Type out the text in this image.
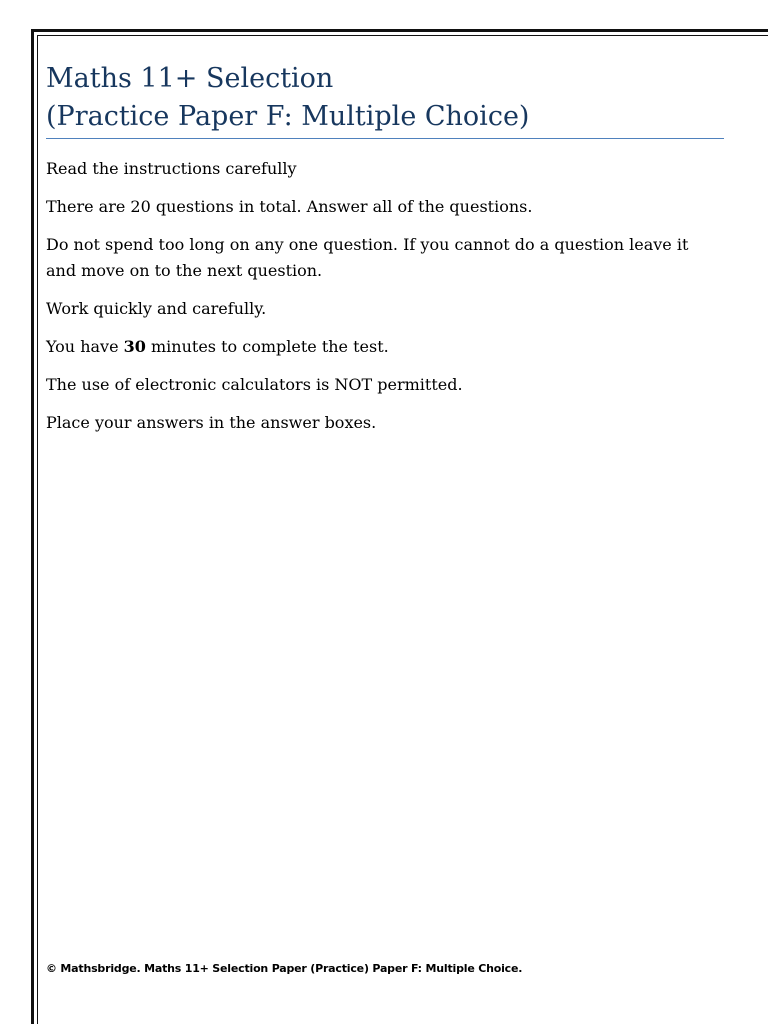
Maths 11+ Selection
(Practice Paper F: Multiple Choice)

Read the instructions carefully

There are 20 questions in total. Answer all of the questions.

Do not spend too long on any one question. If you cannot do a question leave it and move on to the next question.

Work quickly and carefully.

You have 30 minutes to complete the test.

The use of electronic calculators is NOT permitted.

Place your answers in the answer boxes.

© Mathsbridge. Maths 11+ Selection Paper (Practice) Paper F: Multiple Choice.
